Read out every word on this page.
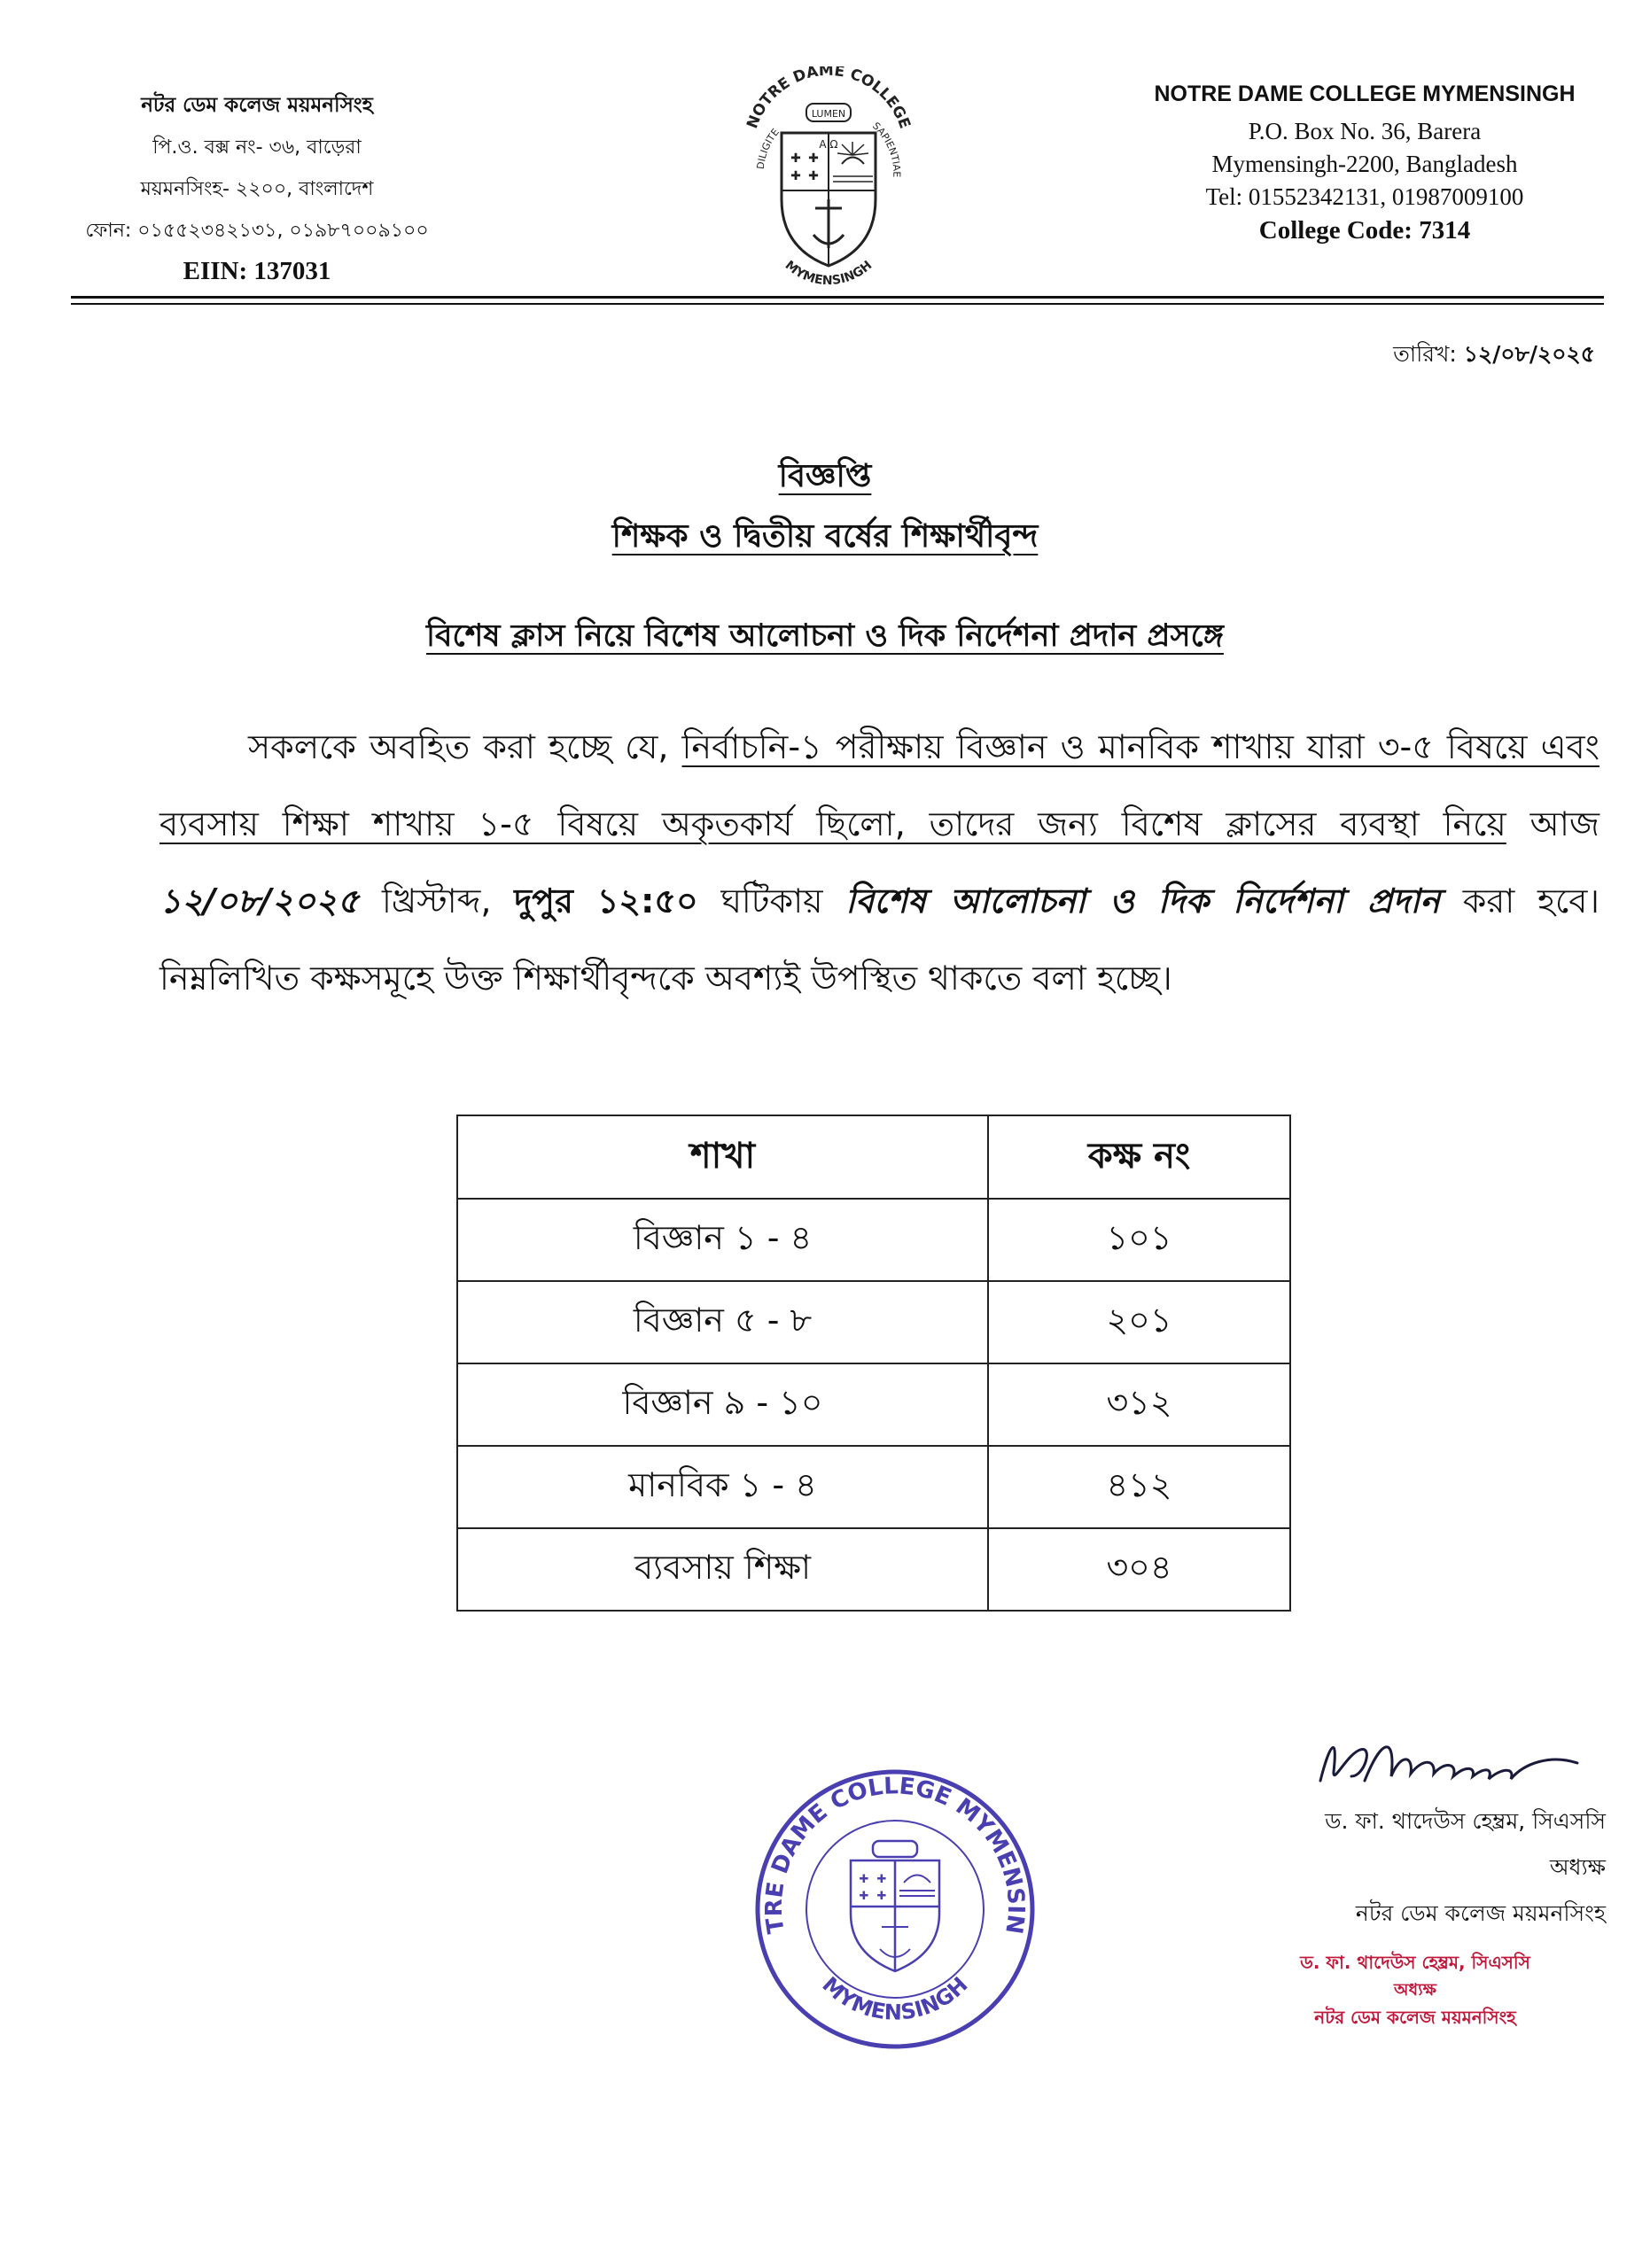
নটর ডেম কলেজ ময়মনসিংহ
পি.ও. বক্স নং- ৩৬, বাড়েরা
ময়মনসিংহ- ২২০০, বাংলাদেশ
ফোন: ০১৫৫২৩৪২১৩১, ০১৯৮৭০০৯১০০
EIIN: 137031
NOTRE DAME COLLEGE
LUMEN
DILIGITE	SAPIENTIAE
A Ω
✚ ✚
✚ ✚
MYMENSINGH
NOTRE DAME COLLEGE MYMENSINGH
P.O. Box No. 36, Barera
Mymensingh-2200, Bangladesh
Tel: 01552342131, 01987009100
College Code: 7314
তারিখ: ১২/০৮/২০২৫
বিজ্ঞপ্তি
শিক্ষক ও দ্বিতীয় বর্ষের শিক্ষার্থীবৃন্দ
বিশেষ ক্লাস নিয়ে বিশেষ আলোচনা ও দিক নির্দেশনা প্রদান প্রসঙ্গে
সকলকে অবহিত করা হচ্ছে যে, নির্বাচনি-১ পরীক্ষায় বিজ্ঞান ও মানবিক শাখায় যারা ৩-৫ বিষয়ে এবং ব্যবসায় শিক্ষা শাখায় ১-৫ বিষয়ে অকৃতকার্য ছিলো, তাদের জন্য বিশেষ ক্লাসের ব্যবস্থা নিয়ে আজ ১২/০৮/২০২৫ খ্রিস্টাব্দ, দুপুর ১২:৫০ ঘটিকায় বিশেষ আলোচনা ও দিক নির্দেশনা প্রদান করা হবে। নিম্নলিখিত কক্ষসমূহে উক্ত শিক্ষার্থীবৃন্দকে অবশ্যই উপস্থিত থাকতে বলা হচ্ছে।
শাখা	কক্ষ নং
বিজ্ঞান ১ - ৪	১০১
বিজ্ঞান ৫ - ৮	২০১
বিজ্ঞান ৯ - ১০	৩১২
মানবিক ১ - ৪	৪১২
ব্যবসায় শিক্ষা	৩০৪
TRE DAME COLLEGE MYMENSIN
MYMENSINGH
✚ ✚
✚ ✚
ড. ফা. থাদেউস হেম্ব্রম, সিএসসি
অধ্যক্ষ
নটর ডেম কলেজ ময়মনসিংহ
ড. ফা. থাদেউস হেম্ব্রম, সিএসসি
অধ্যক্ষ
নটর ডেম কলেজ ময়মনসিংহ
